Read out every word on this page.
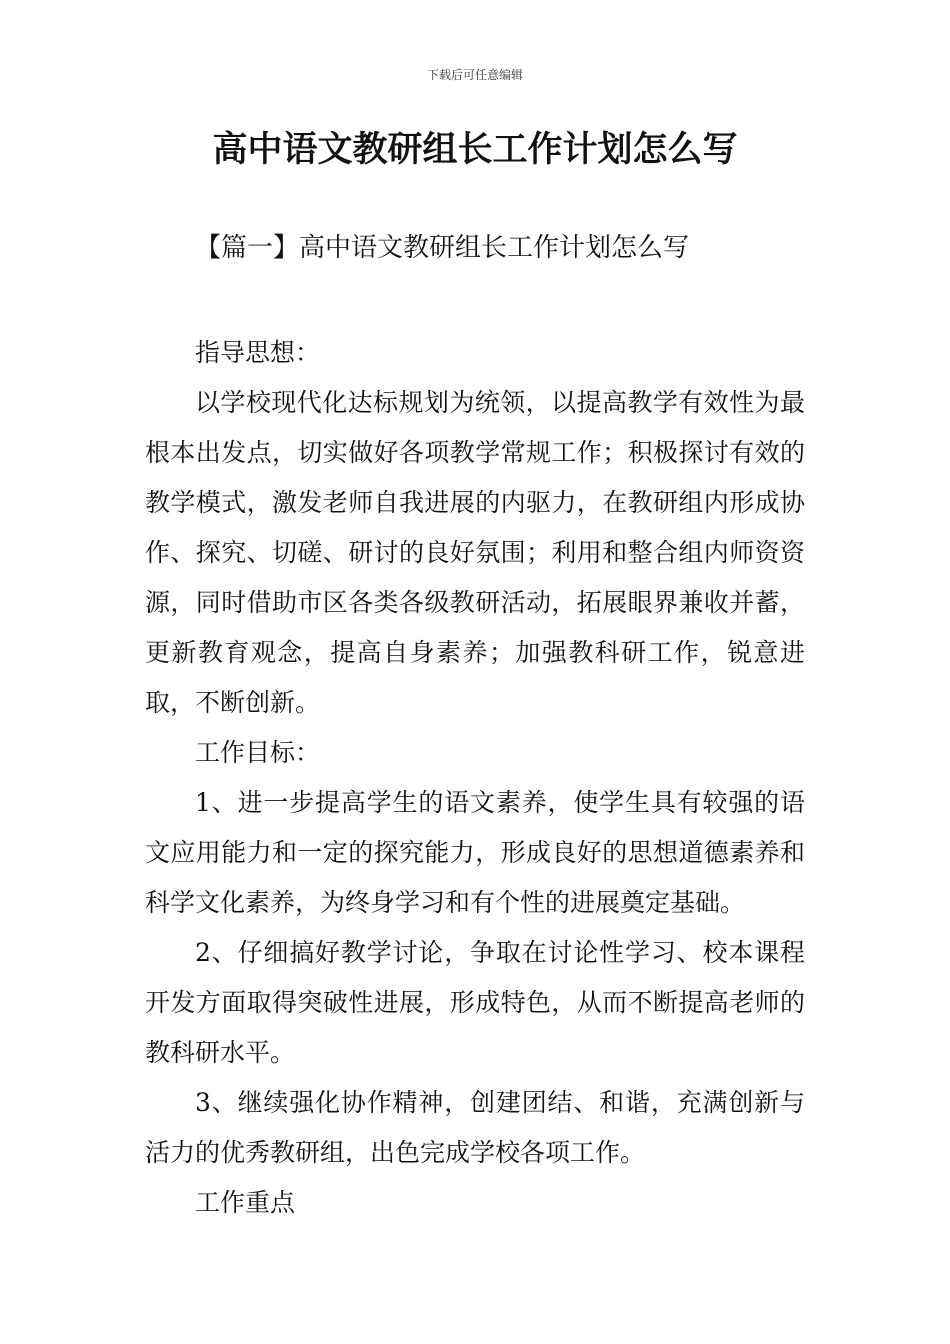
下载后可任意编辑
高中语文教研组长工作计划怎么写
【篇一】高中语文教研组长工作计划怎么写

指导思想：

以学校现代化达标规划为统领，以提高教学有效性为最根本出发点，切实做好各项教学常规工作；积极探讨有效的教学模式，激发老师自我进展的内驱力，在教研组内形成协作、探究、切磋、研讨的良好氛围；利用和整合组内师资资源，同时借助市区各类各级教研活动，拓展眼界兼收并蓄，更新教育观念，提高自身素养；加强教科研工作，锐意进取，不断创新。

工作目标：

1、进一步提高学生的语文素养，使学生具有较强的语文应用能力和一定的探究能力，形成良好的思想道德素养和科学文化素养，为终身学习和有个性的进展奠定基础。

2、仔细搞好教学讨论，争取在讨论性学习、校本课程开发方面取得突破性进展，形成特色，从而不断提高老师的教科研水平。

3、继续强化协作精神，创建团结、和谐，充满创新与活力的优秀教研组，出色完成学校各项工作。

工作重点
